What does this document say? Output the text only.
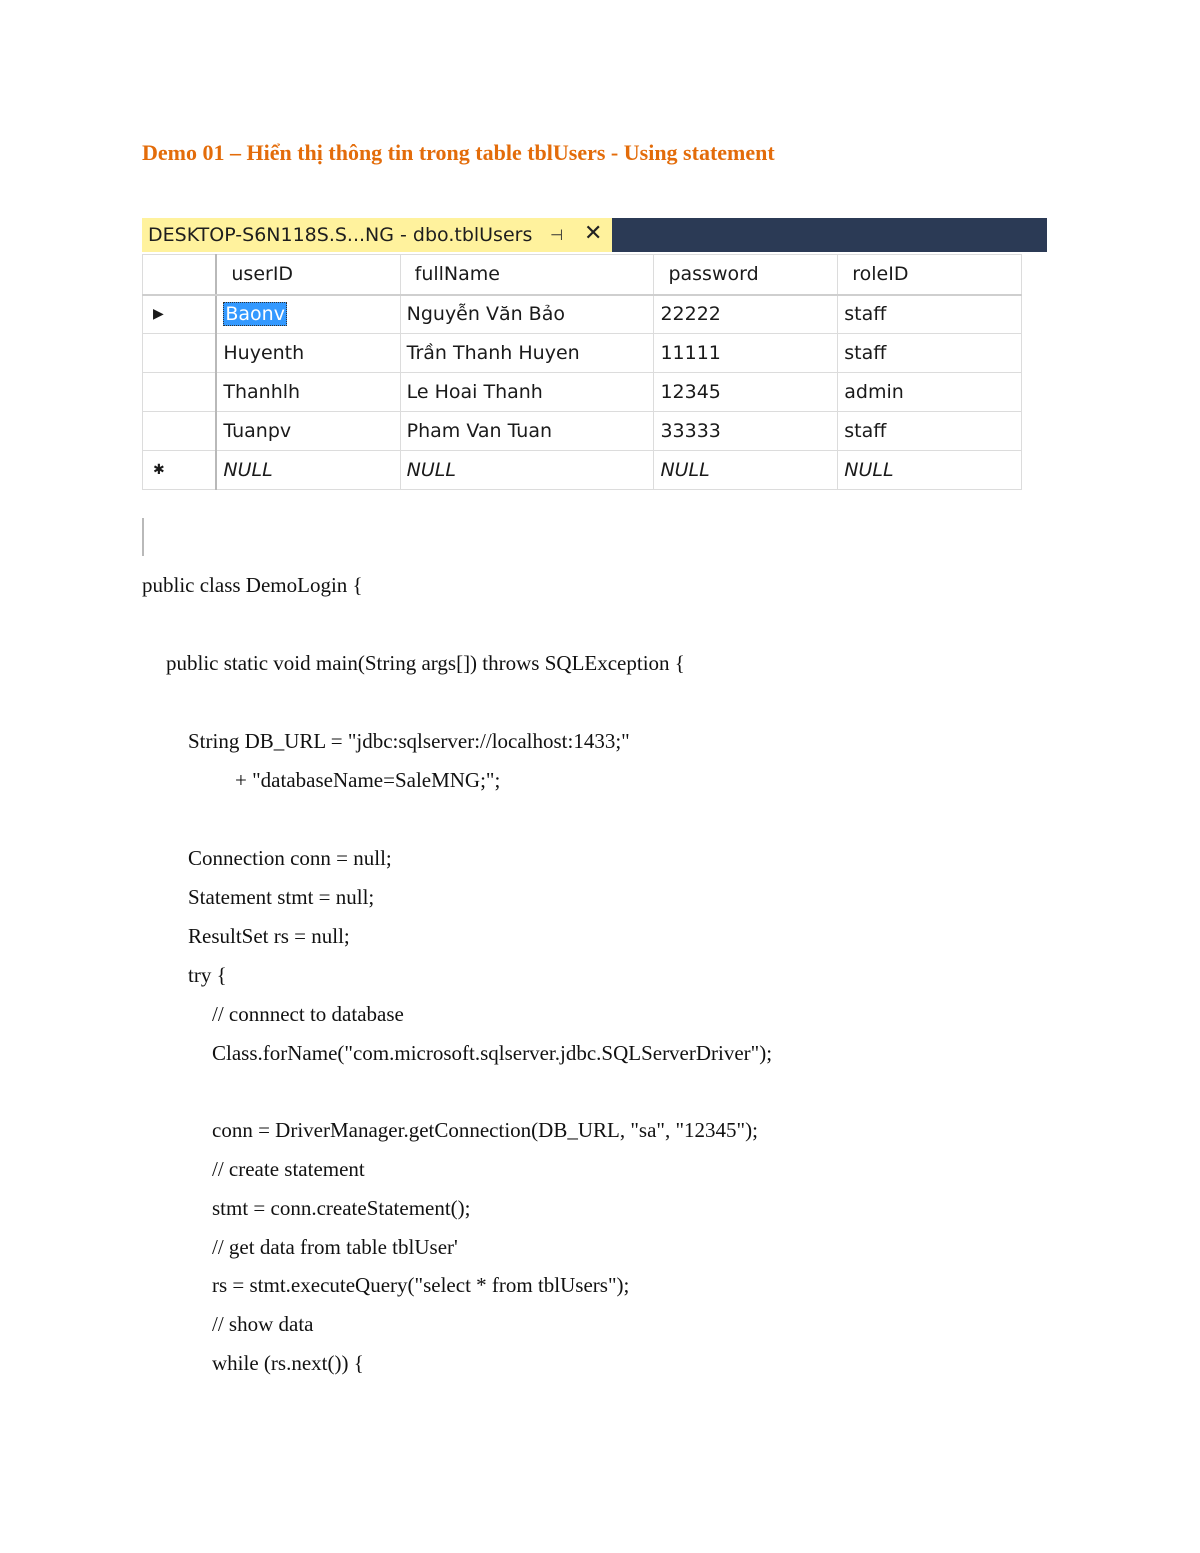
Demo 01 – Hiển thị thông tin trong table tblUsers - Using statement
DESKTOP-S6N118S.S...NG - dbo.tblUsers ⊣ ✕
	userID	fullName	password	roleID
▶	Baonv	Nguyễn Văn Bảo	22222	staff
	Huyenth	Trần Thanh Huyen	11111	staff
	Thanhlh	Le Hoai Thanh	12345	admin
	Tuanpv	Pham Van Tuan	33333	staff
✱	NULL	NULL	NULL	NULL
public class DemoLogin {
public static void main(String args[]) throws SQLException {
String DB_URL = "jdbc:sqlserver://localhost:1433;"
+ "databaseName=SaleMNG;";
Connection conn = null;
Statement stmt = null;
ResultSet rs = null;
try {
// connnect to database
Class.forName("com.microsoft.sqlserver.jdbc.SQLServerDriver");
conn = DriverManager.getConnection(DB_URL, "sa", "12345");
// create statement
stmt = conn.createStatement();
// get data from table tblUser'
rs = stmt.executeQuery("select * from tblUsers");
// show data
while (rs.next()) {
